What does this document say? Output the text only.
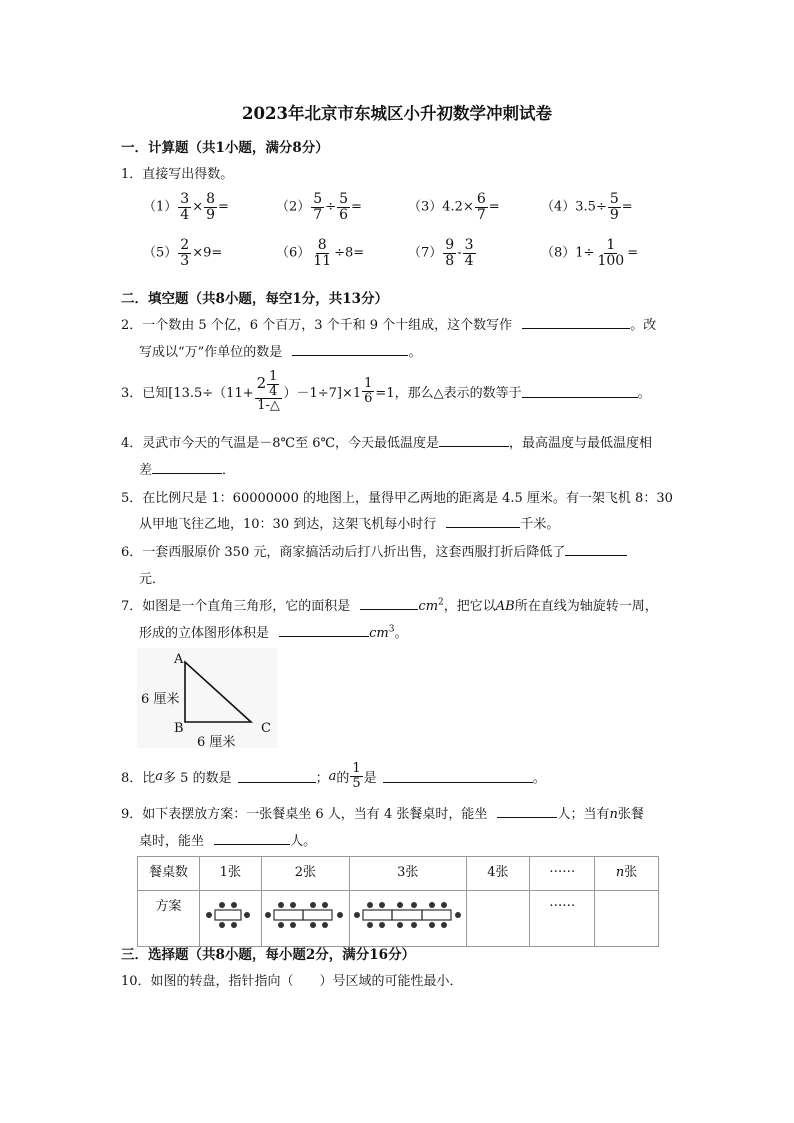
2023年北京市东城区小升初数学冲刺试卷
一．计算题（共1小题，满分8分）
1．直接写出得数。
$(1) \frac{3}{4} \times \frac{8}{9}$ =	$(2) \frac{5}{7} \div \frac{5}{6}$ =	$(3)4.2\times \frac{6}{7}$ =	$(4)3.5\div \frac{5}{9}$ =
$(5) \frac{2}{3} \times 9=$	$(6) \frac{8}{11} \div 8=$	$(7) \frac{9}{8} - \frac{3}{4}$	$(8)1\div \frac{1}{100}$ =
二．填空题（共8小题，每空1分，共13分）
2．一个数由 5 个亿，6 个百万，3 个千和 9 个十组成，这个数写作	。改
写成以“万”作单位的数是	。
3．已知[$13.5\div(11+ \frac{2 \frac{1}{4}}{1-\triangle}$ ） $-1\div 7]\times 1 \frac{1}{6} =1$，那么△表示的数等于	。
4．灵武市今天的气温是－8℃至 6℃，今天最低温度是	，最高温度与最低温度相
差	．
5．在比例尺是 1：60000000 的地图上，量得甲乙两地的距离是 4.5 厘米。有一架飞机 8：30
从甲地飞往乙地，10：30 到达，这架飞机每小时行	千米。
6．一套西服原价 350 元，商家搞活动后打八折出售，这套西服打折后降低了
元．
7．如图是一个直角三角形，它的面积是	$cm^2$，把它以AB所在直线为轴旋转一周，
形成的立体图形体积是	$cm^3$。
A
B	C
6 厘米
6 厘米
8．比 a 多 5 的数是	； a 的 $\frac{1}{5}$ 是	。
9．如下表摆放方案：一张餐桌坐 6 人，当有 4 张餐桌时，能坐	人；当有n张餐
桌时，能坐	人。
餐桌数	1张	2张	3张	4张	……	n张
方案					……	
三．选择题（共8小题，每小题2分，满分16分）
10．如图的转盘，指针指向（　　）号区域的可能性最小．
